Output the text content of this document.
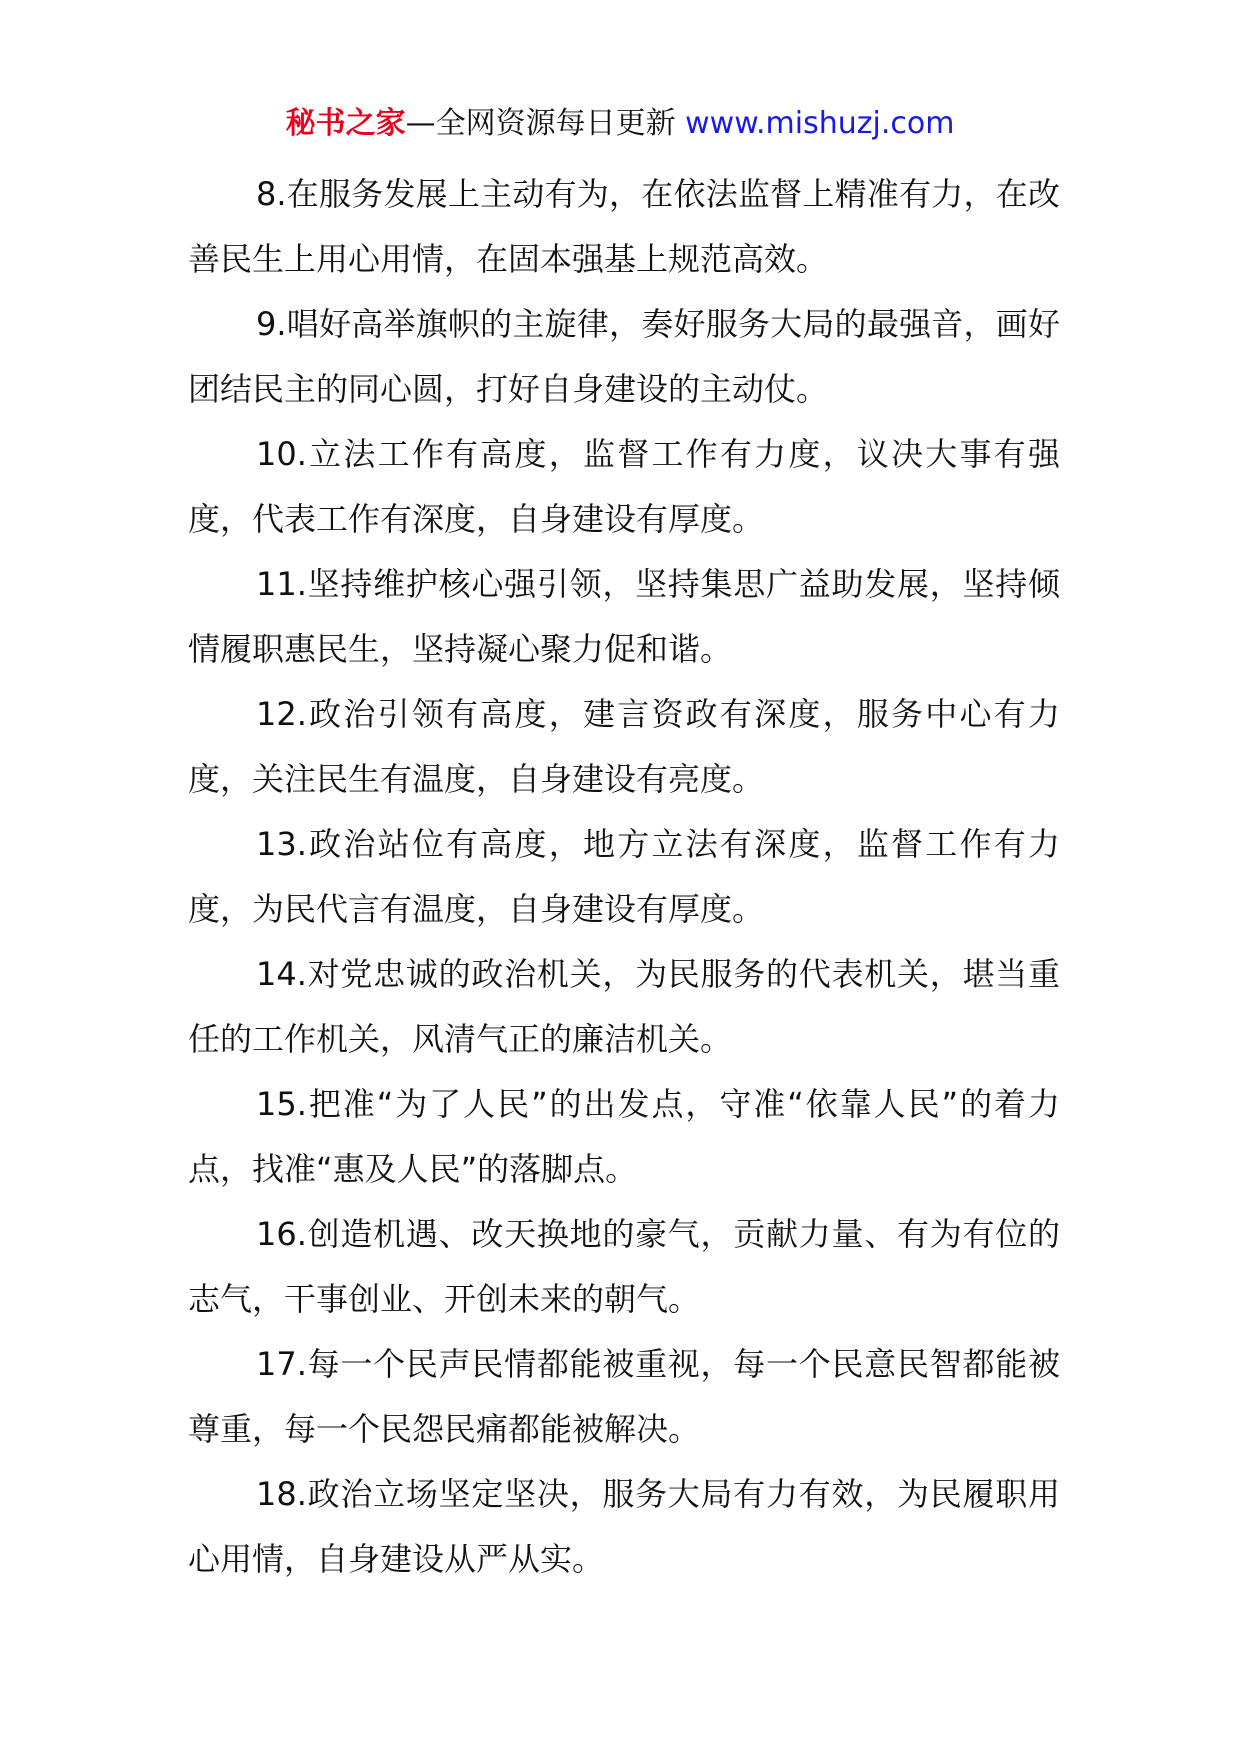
秘书之家—全网资源每日更新 www.mishuzj.com

8.在服务发展上主动有为，在依法监督上精准有力，在改善民生上用心用情，在固本强基上规范高效。

9.唱好高举旗帜的主旋律，奏好服务大局的最强音，画好团结民主的同心圆，打好自身建设的主动仗。

10.立法工作有高度，监督工作有力度，议决大事有强度，代表工作有深度，自身建设有厚度。

11.坚持维护核心强引领，坚持集思广益助发展，坚持倾情履职惠民生，坚持凝心聚力促和谐。

12.政治引领有高度，建言资政有深度，服务中心有力度，关注民生有温度，自身建设有亮度。

13.政治站位有高度，地方立法有深度，监督工作有力度，为民代言有温度，自身建设有厚度。

14.对党忠诚的政治机关，为民服务的代表机关，堪当重任的工作机关，风清气正的廉洁机关。

15.把准“为了人民”的出发点，守准“依靠人民”的着力点，找准“惠及人民”的落脚点。

16.创造机遇、改天换地的豪气，贡献力量、有为有位的志气，干事创业、开创未来的朝气。

17.每一个民声民情都能被重视，每一个民意民智都能被尊重，每一个民怨民痛都能被解决。

18.政治立场坚定坚决，服务大局有力有效，为民履职用心用情，自身建设从严从实。
